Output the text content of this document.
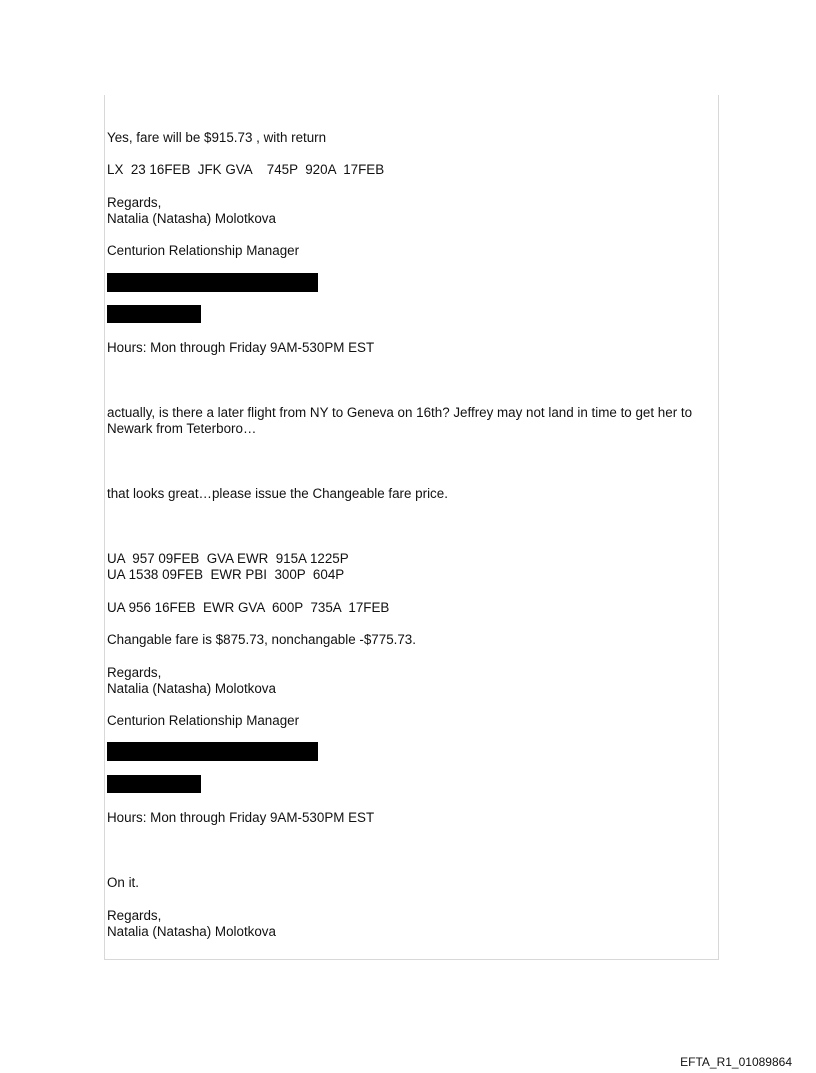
Yes, fare will be $915.73 , with return

LX  23 16FEB  JFK GVA    745P  920A  17FEB

Regards,

Natalia (Natasha) Molotkova

Centurion Relationship Manager

Hours: Mon through Friday 9AM-530PM EST

actually, is there a later flight from NY to Geneva on 16th? Jeffrey may not land in time to get her to Newark from Teterboro…

that looks great…please issue the Changeable fare price.

UA  957 09FEB  GVA EWR  915A 1225P

UA 1538 09FEB  EWR PBI  300P  604P

UA 956 16FEB  EWR GVA  600P  735A  17FEB

Changable fare is $875.73, nonchangable -$775.73.

Regards,

Natalia (Natasha) Molotkova

Centurion Relationship Manager

Hours: Mon through Friday 9AM-530PM EST

On it.

Regards,

Natalia (Natasha) Molotkova

EFTA_R1_01089864
